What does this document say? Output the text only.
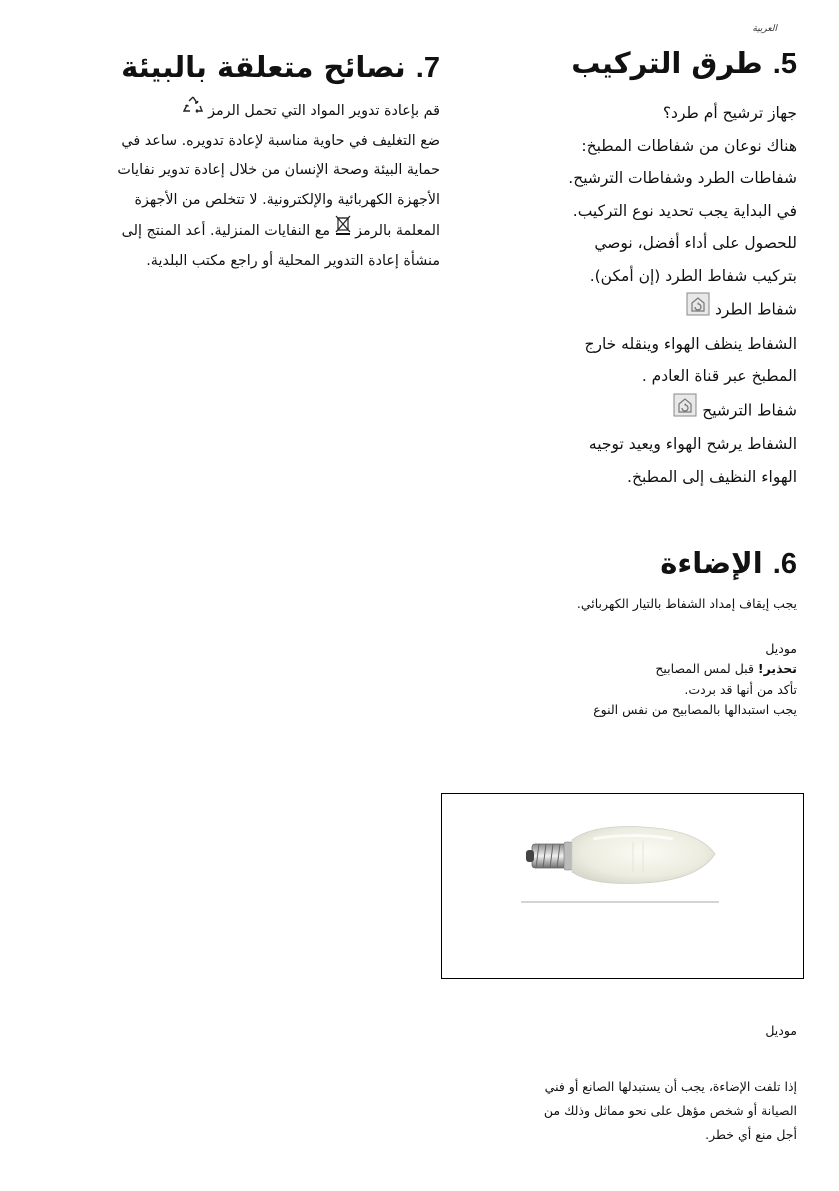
ﺍﻟﻌﺮﺑﻴﺔ
5. طرق التركيب

جهاز ترشيح أم طرد؟

هناك نوعان من شفاطات المطبخ:

شفاطات الطرد وشفاطات الترشيح.

في البداية يجب تحديد نوع التركيب.

للحصول على أداء أفضل، نوصي

بتركيب شفاط الطرد (إن أمكن).

شفاط الطرد

الشفاط ينظف الهواء وينقله خارج

المطبخ عبر قناة العادم .

شفاط الترشيح

الشفاط يرشح الهواء ويعيد توجيه

الهواء النظيف إلى المطبخ.

7. نصائح متعلقة بالبيئة
قم بإعادة تدوير المواد التي تحمل الرمز
ضع التغليف في حاوية مناسبة لإعادة تدويره. ساعد في
حماية البيئة وصحة الإنسان من خلال إعادة تدوير نفايات
الأجهزة الكهربائية والإلكترونية. لا تتخلص من الأجهزة
المعلمة بالرمز  مع النفايات المنزلية. أعد المنتج إلى
منشأة إعادة التدوير المحلية أو راجع مكتب البلدية.
6. الإضاءة

يجب إيقاف إمداد الشفاط بالتيار الكهربائي.

موديل

تحذير! قبل لمس المصابيح

تأكد من أنها قد بردت.

يجب استبدالها بالمصابيح من نفس النوع

موديل
إذا تلفت الإضاءة، يجب أن يستبدلها الصانع أو فني
الصيانة أو شخص مؤهل على نحو مماثل وذلك من
أجل منع أي خطر.
